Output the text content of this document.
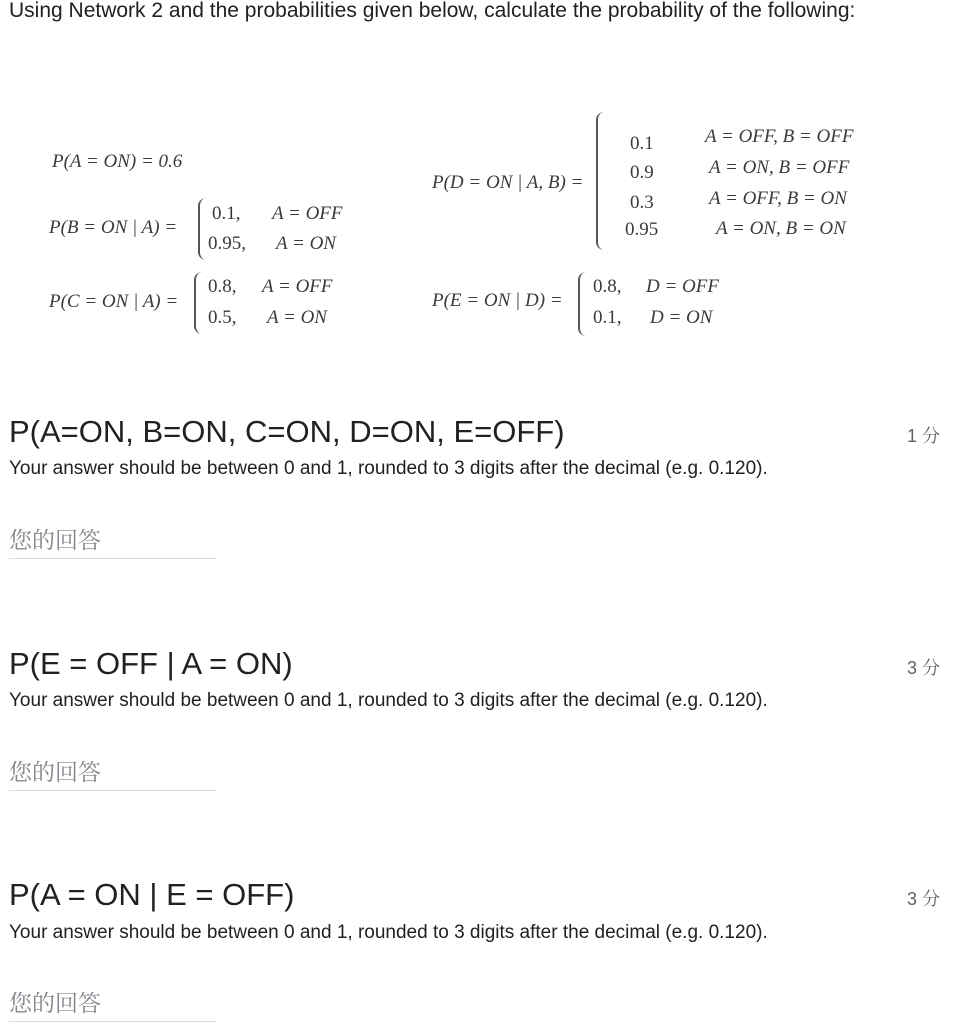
Using Network 2 and the probabilities given below, calculate the probability of the following:
P(A = ON) = 0.6
P(B = ON | A) =
0.1, A = OFF
0.95, A = ON
P(C = ON | A) =
0.8, A = OFF
0.5, A = ON
P(D = ON | A, B) =
0.1	A = OFF, B = OFF
0.9	A = ON, B = OFF
0.3	A = OFF, B = ON
0.95	A = ON, B = ON
P(E = ON | D) =
0.8, D = OFF
0.1, D = ON
P(A=ON, B=ON, C=ON, D=ON, E=OFF)	1 分
Your answer should be between 0 and 1, rounded to 3 digits after the decimal (e.g. 0.120).
您的回答
P(E = OFF | A = ON)	3 分
Your answer should be between 0 and 1, rounded to 3 digits after the decimal (e.g. 0.120).
您的回答
P(A = ON | E = OFF)	3 分
Your answer should be between 0 and 1, rounded to 3 digits after the decimal (e.g. 0.120).
您的回答
